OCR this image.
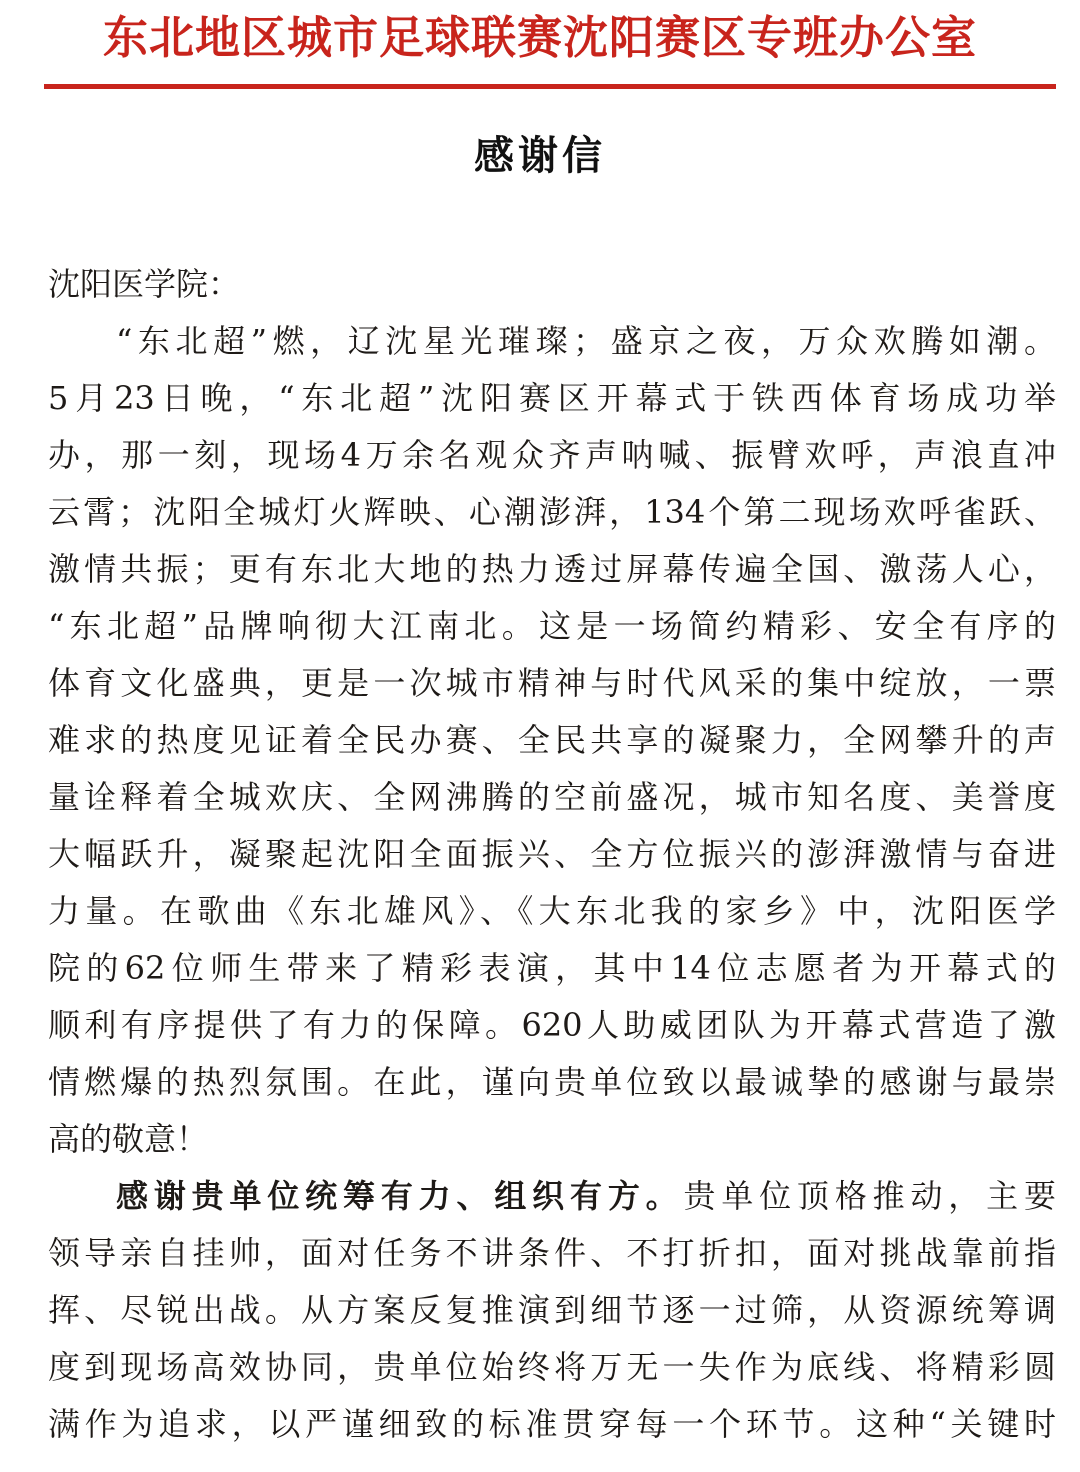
东北地区城市足球联赛沈阳赛区专班办公室
感谢信
沈阳医学院：
“东北超”燃，辽沈星光璀璨；盛京之夜，万众欢腾如潮。
5月23日晚，“东北超”沈阳赛区开幕式于铁西体育场成功举
办，那一刻，现场4万余名观众齐声呐喊、振臂欢呼，声浪直冲
云霄；沈阳全城灯火辉映、心潮澎湃，134个第二现场欢呼雀跃、
激情共振；更有东北大地的热力透过屏幕传遍全国、激荡人心，
“东北超”品牌响彻大江南北。这是一场简约精彩、安全有序的
体育文化盛典，更是一次城市精神与时代风采的集中绽放，一票
难求的热度见证着全民办赛、全民共享的凝聚力，全网攀升的声
量诠释着全城欢庆、全网沸腾的空前盛况，城市知名度、美誉度
大幅跃升，凝聚起沈阳全面振兴、全方位振兴的澎湃激情与奋进
力量。在歌曲《东北雄风》、《大东北我的家乡》中，沈阳医学
院的62位师生带来了精彩表演，其中14位志愿者为开幕式的
顺利有序提供了有力的保障。620人助威团队为开幕式营造了激
情燃爆的热烈氛围。在此，谨向贵单位致以最诚挚的感谢与最崇
高的敬意！
感谢贵单位统筹有力、组织有方。贵单位顶格推动，主要
领导亲自挂帅，面对任务不讲条件、不打折扣，面对挑战靠前指
挥、尽锐出战。从方案反复推演到细节逐一过筛，从资源统筹调
度到现场高效协同，贵单位始终将万无一失作为底线、将精彩圆
满作为追求，以严谨细致的标准贯穿每一个环节。这种“关键时
